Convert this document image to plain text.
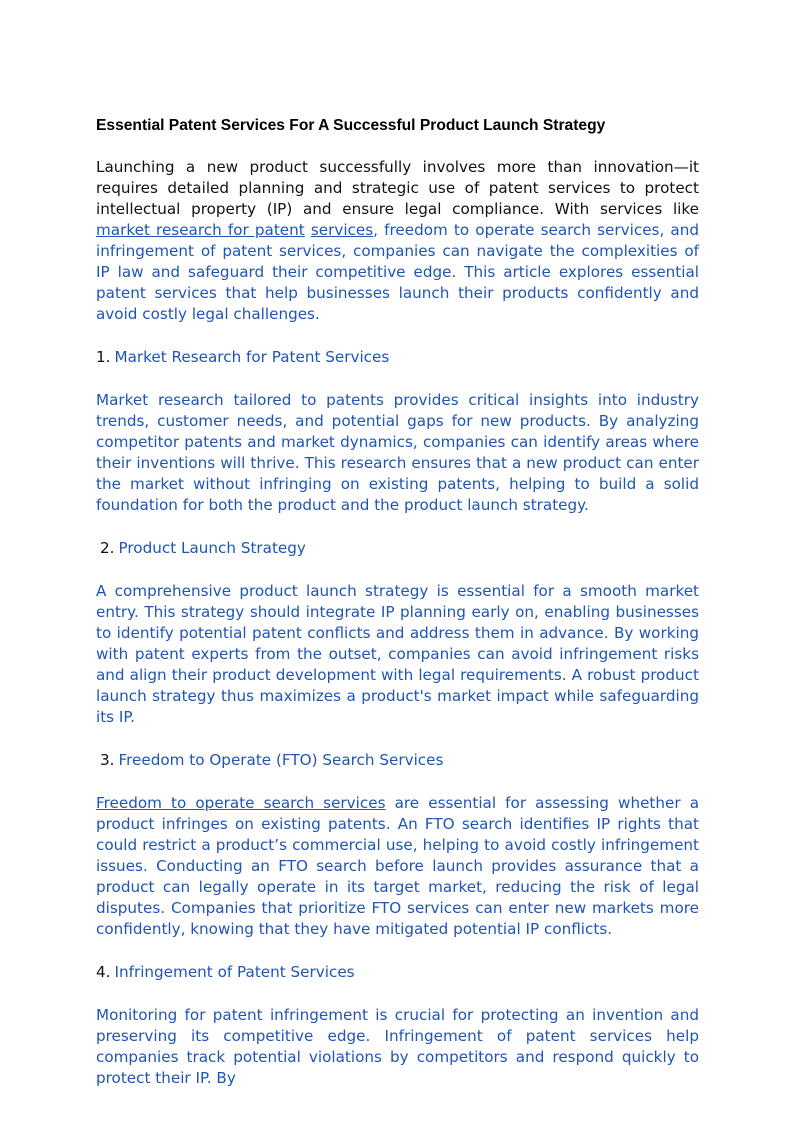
Essential Patent Services For A Successful Product Launch Strategy

Launching a new product successfully involves more than innovation—it requires detailed planning and strategic use of patent services to protect intellectual property (IP) and ensure legal compliance. With services like market research for patent services, freedom to operate search services, and infringement of patent services, companies can navigate the complexities of IP law and safeguard their competitive edge. This article explores essential patent services that help businesses launch their products confidently and avoid costly legal challenges.

1. Market Research for Patent Services

Market research tailored to patents provides critical insights into industry trends, customer needs, and potential gaps for new products. By analyzing competitor patents and market dynamics, companies can identify areas where their inventions will thrive. This research ensures that a new product can enter the market without infringing on existing patents, helping to build a solid foundation for both the product and the product launch strategy.

2. Product Launch Strategy

A comprehensive product launch strategy is essential for a smooth market entry. This strategy should integrate IP planning early on, enabling businesses to identify potential patent conflicts and address them in advance. By working with patent experts from the outset, companies can avoid infringement risks and align their product development with legal requirements. A robust product launch strategy thus maximizes a product's market impact while safeguarding its IP.

3. Freedom to Operate (FTO) Search Services

Freedom to operate search services are essential for assessing whether a product infringes on existing patents. An FTO search identifies IP rights that could restrict a product’s commercial use, helping to avoid costly infringement issues. Conducting an FTO search before launch provides assurance that a product can legally operate in its target market, reducing the risk of legal disputes. Companies that prioritize FTO services can enter new markets more confidently, knowing that they have mitigated potential IP conflicts.

4. Infringement of Patent Services

Monitoring for patent infringement is crucial for protecting an invention and preserving its competitive edge. Infringement of patent services help companies track potential violations by competitors and respond quickly to protect their IP. By
